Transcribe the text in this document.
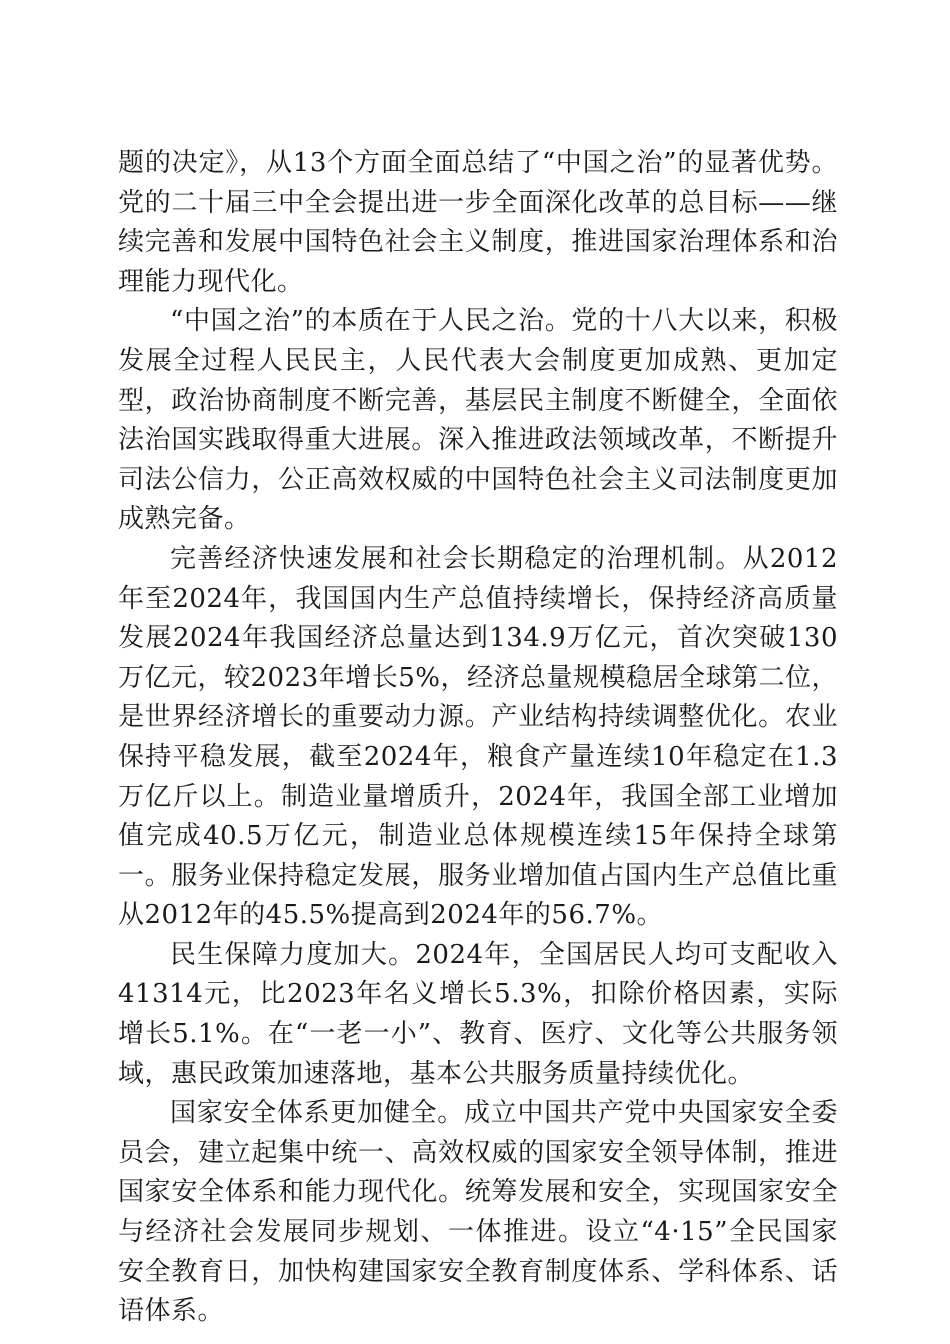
题的决定》，从13个方面全面总结了“中国之治”的显著优势。党的二十届三中全会提出进一步全面深化改革的总目标——继续完善和发展中国特色社会主义制度，推进国家治理体系和治理能力现代化。

“中国之治”的本质在于人民之治。党的十八大以来，积极发展全过程人民民主，人民代表大会制度更加成熟、更加定型，政治协商制度不断完善，基层民主制度不断健全，全面依法治国实践取得重大进展。深入推进政法领域改革，不断提升司法公信力，公正高效权威的中国特色社会主义司法制度更加成熟完备。

完善经济快速发展和社会长期稳定的治理机制。从2012年至2024年，我国国内生产总值持续增长，保持经济高质量发展2024年我国经济总量达到134.9万亿元，首次突破130万亿元，较2023年增长5%，经济总量规模稳居全球第二位，是世界经济增长的重要动力源。产业结构持续调整优化。农业保持平稳发展，截至2024年，粮食产量连续10年稳定在1.3万亿斤以上。制造业量增质升，2024年，我国全部工业增加值完成40.5万亿元，制造业总体规模连续15年保持全球第一。服务业保持稳定发展，服务业增加值占国内生产总值比重从2012年的45.5%提高到2024年的56.7%。

民生保障力度加大。2024年，全国居民人均可支配收入41314元，比2023年名义增长5.3%，扣除价格因素，实际增长5.1%。在“一老一小”、教育、医疗、文化等公共服务领域，惠民政策加速落地，基本公共服务质量持续优化。

国家安全体系更加健全。成立中国共产党中央国家安全委员会，建立起集中统一、高效权威的国家安全领导体制，推进国家安全体系和能力现代化。统筹发展和安全，实现国家安全与经济社会发展同步规划、一体推进。设立“4·15”全民国家安全教育日，加快构建国家安全教育制度体系、学科体系、话语体系。
